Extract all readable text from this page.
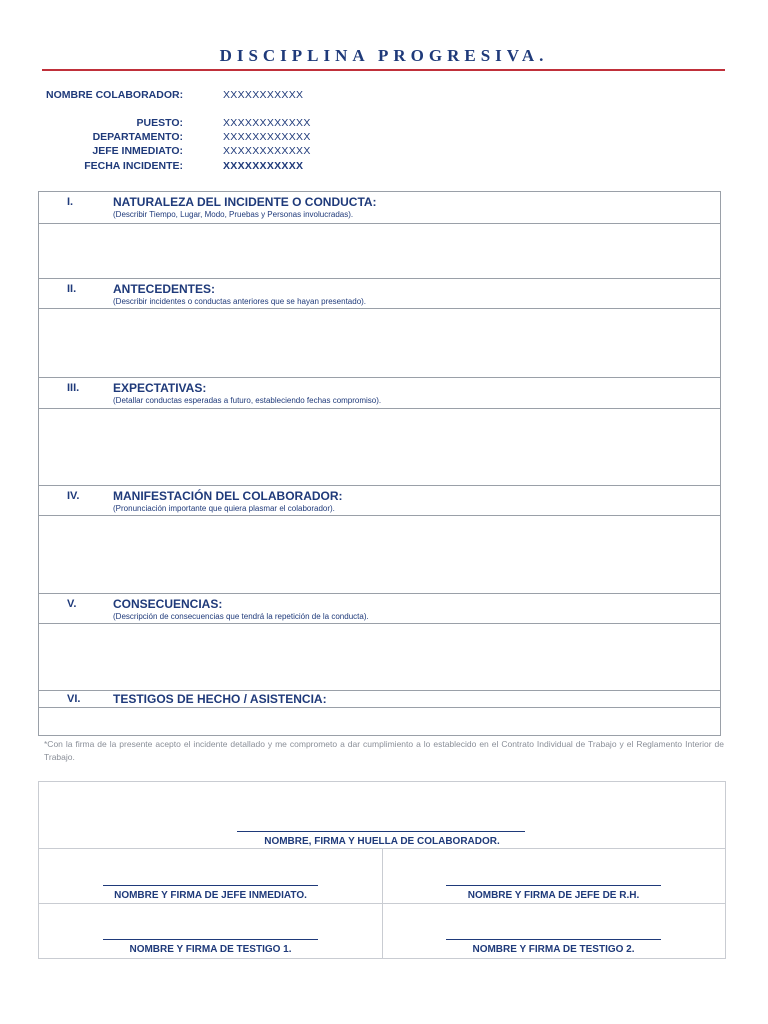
DISCIPLINA PROGRESIVA.
NOMBRE COLABORADOR:	XXXXXXXXXXX
PUESTO:	XXXXXXXXXXXX
DEPARTAMENTO:	XXXXXXXXXXXX
JEFE INMEDIATO:	XXXXXXXXXXXX
FECHA INCIDENTE:	XXXXXXXXXXX
I.	NATURALEZA DEL INCIDENTE O CONDUCTA:
(Describir Tiempo, Lugar, Modo, Pruebas y Personas involucradas).
II.	ANTECEDENTES:
(Describir incidentes o conductas anteriores que se hayan presentado).
III.	EXPECTATIVAS:
(Detallar conductas esperadas a futuro, estableciendo fechas compromiso).
IV.	MANIFESTACIÓN DEL COLABORADOR:
(Pronunciación importante que quiera plasmar el colaborador).
V.	CONSECUENCIAS:
(Descripción de consecuencias que tendrá la repetición de la conducta).
VI.	TESTIGOS DE HECHO / ASISTENCIA:
*Con la firma de la presente acepto el incidente detallado y me comprometo a dar cumplimiento a lo establecido en el Contrato Individual de Trabajo y el Reglamento Interior de Trabajo.
NOMBRE, FIRMA Y HUELLA DE COLABORADOR.
NOMBRE Y FIRMA DE JEFE INMEDIATO.	NOMBRE Y FIRMA DE JEFE DE R.H.
NOMBRE Y FIRMA DE TESTIGO 1.	NOMBRE Y FIRMA DE TESTIGO 2.
